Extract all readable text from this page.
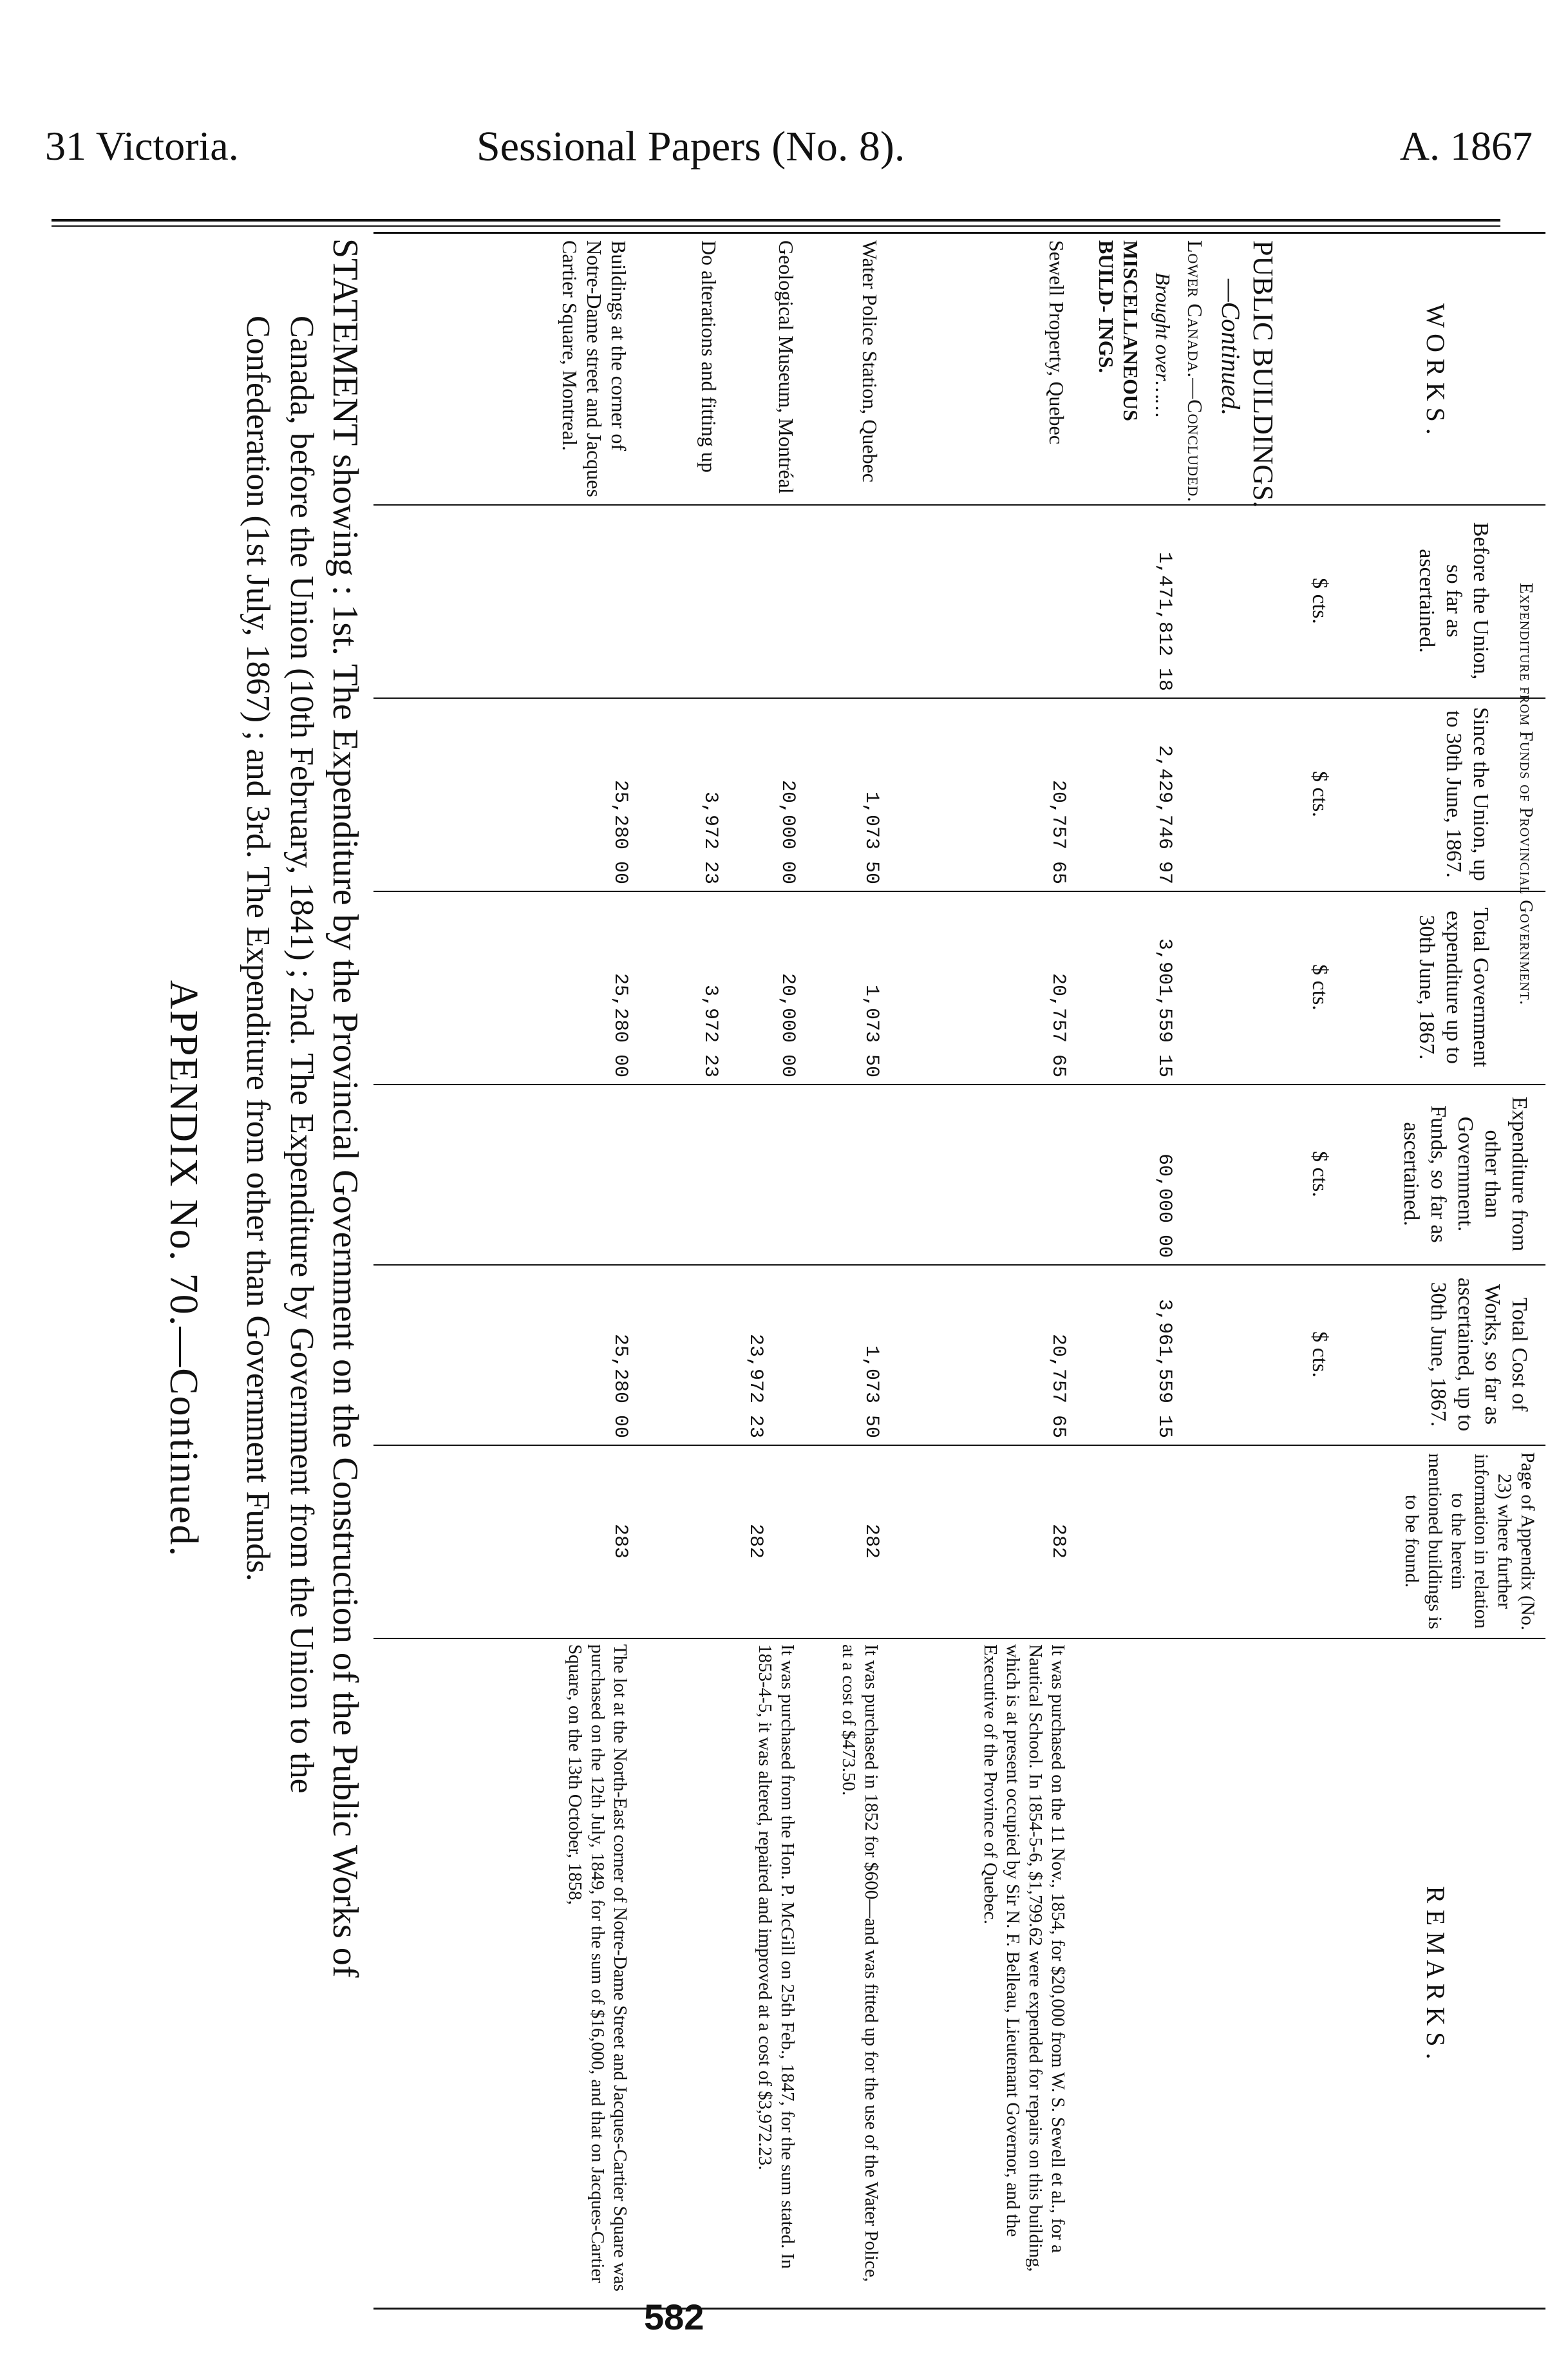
31 Victoria.	Sessional Papers (No. 8).	A. 1867
W O R K S .
Expenditure from Funds of Provincial Government.
Before the Union, so far as ascertained.
Since the Union, up to 30th June, 1867.
Total Government expenditure up to 30th June, 1867.
Expenditure from other than Government. Funds, so far as ascertained.
Total Cost of Works, so far as ascertained, up to 30th June, 1867.
Page of Appendix (No. 23) where further information in relation to the herein mentioned buildings is to be found.
R E M A R K S .
$ cts.
$ cts.
$ cts.
$ cts.
$ cts.
PUBLIC BUILDINGS.
—Continued.
Lower Canada.—Concluded.
Brought over……
MISCELLANEOUS BUILD- INGS.
1,471,812 18
2,429,746 97
3,901,559 15
60,000 00
3,961,559 15
Sewell Property, Quebec
20,757 65
20,757 65
20,757 65
282
It was purchased on the 11 Nov., 1854, for $20,000 from W. S. Sewell et al., for a Nautical School. In 1854-5-6, $1,799.62 were expended for repairs on this building, which is at present occupied by Sir N. F. Belleau, Lieutenant Governor, and the Executive of the Province of Quebec.
Water Police Station, Quebec
1,073 50
1,073 50
1,073 50
282
It was purchased in 1852 for $600—and was fitted up for the use of the Water Police, at a cost of $473.50.
Geological Museum, Montréal
20,000 00
20,000 00
23,972 23
282
It was purchased from the Hon. P. McGill on 25th Feb., 1847, for the sum stated. In 1853-4-5, it was altered, repaired and improved at a cost of $3,972.23.
Do alterations and fitting up
3,972 23
3,972 23
Buildings at the corner of Notre-Dame street and Jacques Cartier Square, Montreal.
25,280 00
25,280 00
25,280 00
283
The lot at the North-East corner of Notre-Dame Street and Jacques-Cartier Square was purchased on the 12th July, 1849, for the sum of $16,000, and that on Jacques-Cartier Square, on the 13th October, 1858,
STATEMENT showing : 1st. The Expenditure by the Provincial Government on the Construction of the Public Works of
Canada, before the Union (10th February, 1841) ; 2nd. The Expenditure by Government from the Union to the
Confederation (1st July, 1867) ; and 3rd. The Expenditure from other than Government Funds.
APPENDIX No. 70.—Continued.
582
